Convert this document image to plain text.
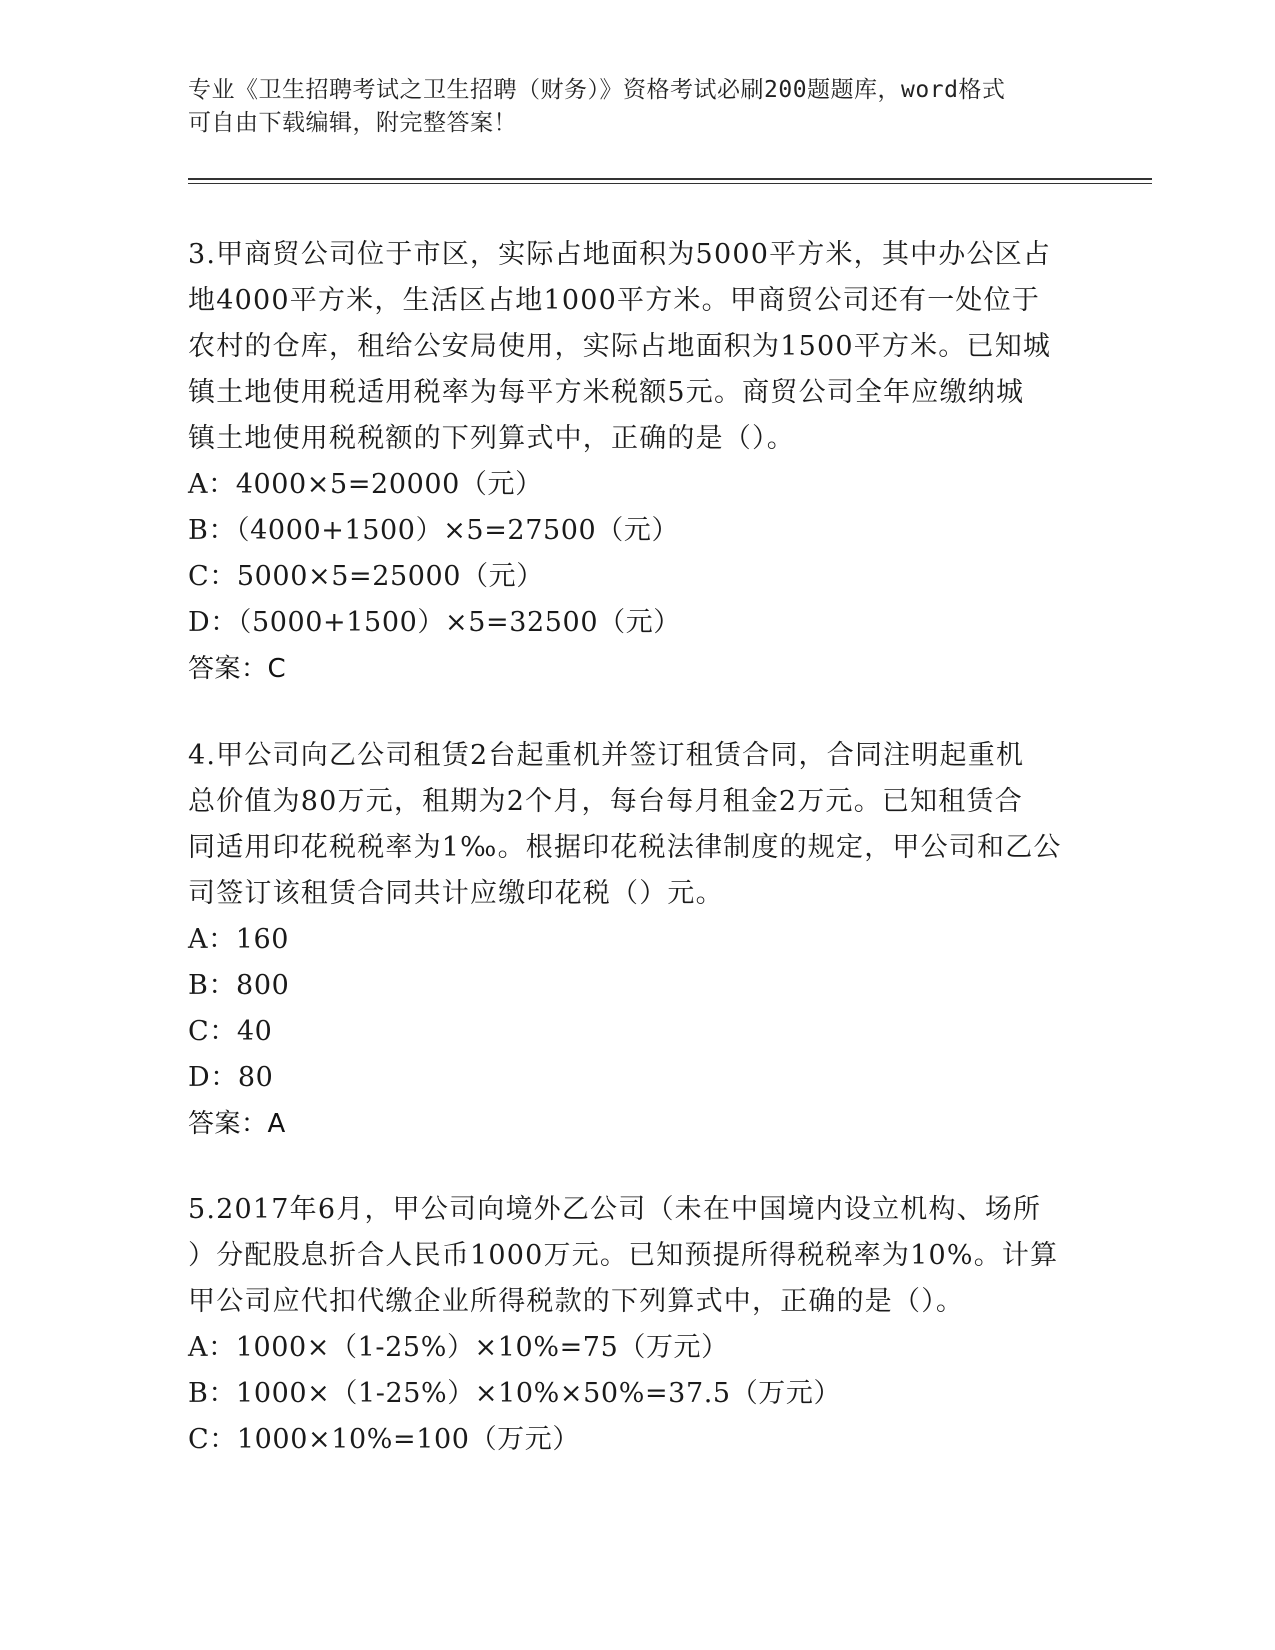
专业《卫生招聘考试之卫生招聘（财务）》资格考试必刷200题题库，word格式
可自由下载编辑，附完整答案！
3.甲商贸公司位于市区，实际占地面积为5000平方米，其中办公区占
地4000平方米，生活区占地1000平方米。甲商贸公司还有一处位于
农村的仓库，租给公安局使用，实际占地面积为1500平方米。已知城
镇土地使用税适用税率为每平方米税额5元。商贸公司全年应缴纳城
镇土地使用税税额的下列算式中，正确的是（）。
A：4000×5=20000（元）
B：（4000+1500）×5=27500（元）
C：5000×5=25000（元）
D：（5000+1500）×5=32500（元）
答案：C
4.甲公司向乙公司租赁2台起重机并签订租赁合同，合同注明起重机
总价值为80万元，租期为2个月，每台每月租金2万元。已知租赁合
同适用印花税税率为1‰。根据印花税法律制度的规定，甲公司和乙公
司签订该租赁合同共计应缴印花税（）元。
A：160
B：800
C：40
D：80
答案：A
5.2017年6月，甲公司向境外乙公司（未在中国境内设立机构、场所
）分配股息折合人民币1000万元。已知预提所得税税率为10%。计算
甲公司应代扣代缴企业所得税款的下列算式中，正确的是（）。
A：1000×（1-25%）×10%=75（万元）
B：1000×（1-25%）×10%×50%=37.5（万元）
C：1000×10%=100（万元）
